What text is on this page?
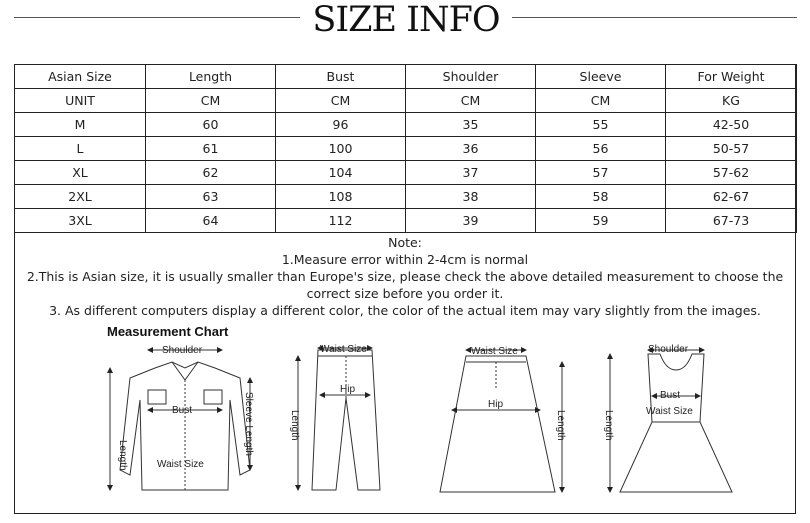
SIZE INFO
Asian Size	Length	Bust	Shoulder	Sleeve	For Weight
UNIT	CM	CM	CM	CM	KG
M	60	96	35	55	42-50
L	61	100	36	56	50-57
XL	62	104	37	57	57-62
2XL	63	108	38	58	62-67
3XL	64	112	39	59	67-73
Note:
1.Measure error within 2-4cm is normal
2.This is Asian size, it is usually smaller than Europe's size, please check the above detailed measurement to choose the correct size before you order it.
3. As different computers display a different color, the color of the actual item may vary slightly from the images.
Measurement Chart
Shoulder
Bust
Waist Size
Length	Sleeve Length
Waist Size
Hip
Length
Waist Size
Hip
Length
Shoulder
Bust
Waist Size
Length
